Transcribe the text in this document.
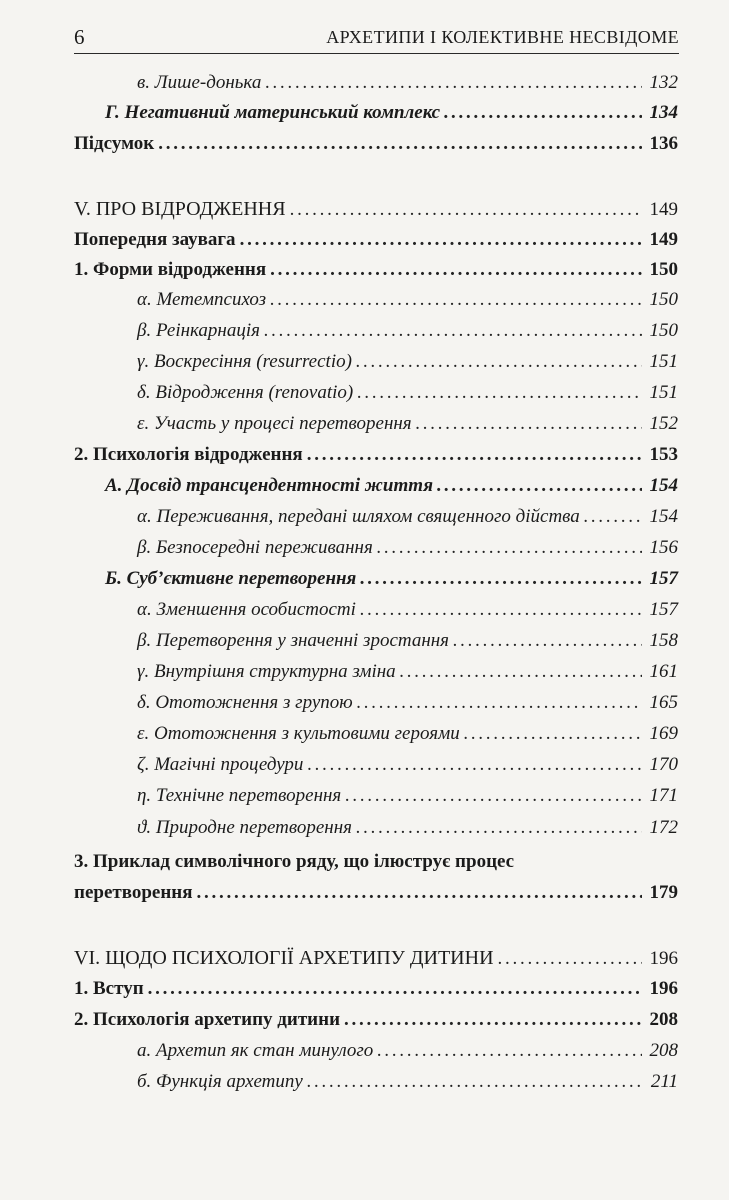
6	АРХЕТИПИ І КОЛЕКТИВНЕ НЕСВІДОМЕ
в. Лише-донька . . .	132
Г. Негативний материнський комплекс . . .	134
Підсумок . . .	136
V. ПРО ВІДРОДЖЕННЯ . . .	149
Попередня заувага . . .	149
1. Форми відродження . . .	150
α. Метемпсихоз . . .	150
β. Реінкарнація . . .	150
γ. Воскресіння (resurrectio) . . .	151
δ. Відродження (renovatio) . . .	151
ε. Участь у процесі перетворення . . .	152
2. Психологія відродження . . .	153
А. Досвід трансцендентності життя . . .	154
α. Переживання, передані шляхом священного дійства . . .	154
β. Безпосередні переживання . . .	156
Б. Суб’єктивне перетворення . . .	157
α. Зменшення особистості . . .	157
β. Перетворення у значенні зростання . . .	158
γ. Внутрішня структурна зміна . . .	161
δ. Ототожнення з групою . . .	165
ε. Ототожнення з культовими героями . . .	169
ζ. Магічні процедури . . .	170
η. Технічне перетворення . . .	171
ϑ. Природне перетворення . . .	172
3. Приклад символічного ряду, що ілюструє процес
перетворення . . .	179
VI. ЩОДО ПСИХОЛОГІЇ АРХЕТИПУ ДИТИНИ . . .	196
1. Вступ . . .	196
2. Психологія архетипу дитини . . .	208
а. Архетип як стан минулого . . .	208
б. Функція архетипу . . .	211
